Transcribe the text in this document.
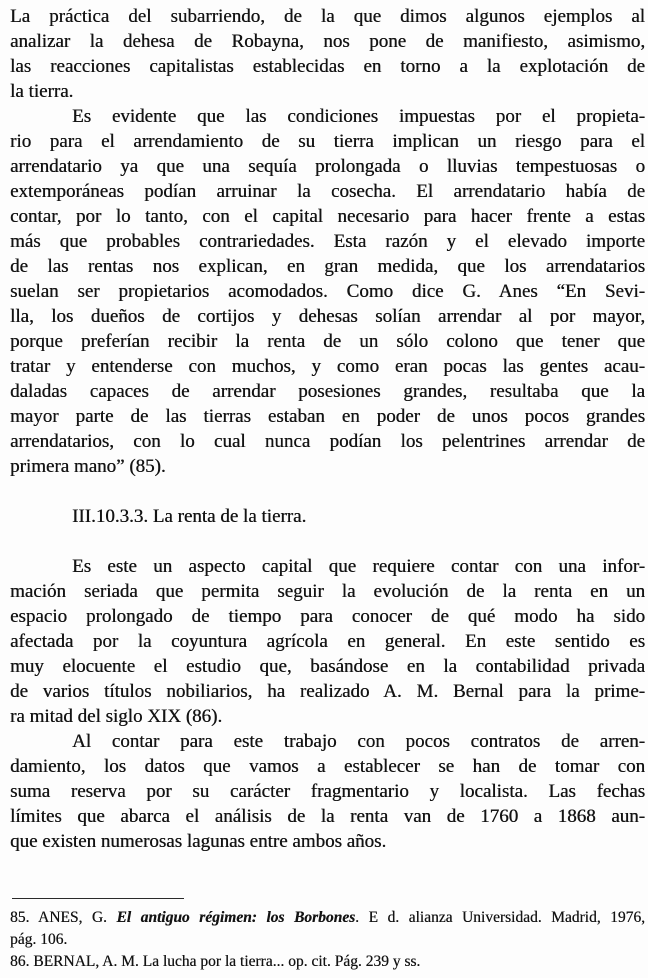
La práctica del subarriendo, de la que dimos algunos ejemplos al
analizar la dehesa de Robayna, nos pone de manifiesto, asimismo,
las reacciones capitalistas establecidas en torno a la explotación de
la tierra.
Es evidente que las condiciones impuestas por el propieta-
rio para el arrendamiento de su tierra implican un riesgo para el
arrendatario ya que una sequía prolongada o lluvias tempestuosas o
extemporáneas podían arruinar la cosecha. El arrendatario había de
contar, por lo tanto, con el capital necesario para hacer frente a estas
más que probables contrariedades. Esta razón y el elevado importe
de las rentas nos explican, en gran medida, que los arrendatarios
suelan ser propietarios acomodados. Como dice G. Anes “En Sevi-
lla, los dueños de cortijos y dehesas solían arrendar al por mayor,
porque preferían recibir la renta de un sólo colono que tener que
tratar y entenderse con muchos, y como eran pocas las gentes acau-
daladas capaces de arrendar posesiones grandes, resultaba que la
mayor parte de las tierras estaban en poder de unos pocos grandes
arrendatarios, con lo cual nunca podían los pelentrines arrendar de
primera mano” (85).
III.10.3.3. La renta de la tierra.
Es este un aspecto capital que requiere contar con una infor-
mación seriada que permita seguir la evolución de la renta en un
espacio prolongado de tiempo para conocer de qué modo ha sido
afectada por la coyuntura agrícola en general. En este sentido es
muy elocuente el estudio que, basándose en la contabilidad privada
de varios títulos nobiliarios, ha realizado A. M. Bernal para la prime-
ra mitad del siglo XIX (86).
Al contar para este trabajo con pocos contratos de arren-
damiento, los datos que vamos a establecer se han de tomar con
suma reserva por su carácter fragmentario y localista. Las fechas
límites que abarca el análisis de la renta van de 1760 a 1868 aun-
que existen numerosas lagunas entre ambos años.
85. ANES, G. El antiguo régimen: los Borbones. E d. alianza Universidad. Madrid, 1976,
pág. 106.
86. BERNAL, A. M. La lucha por la tierra... op. cit. Pág. 239 y ss.
